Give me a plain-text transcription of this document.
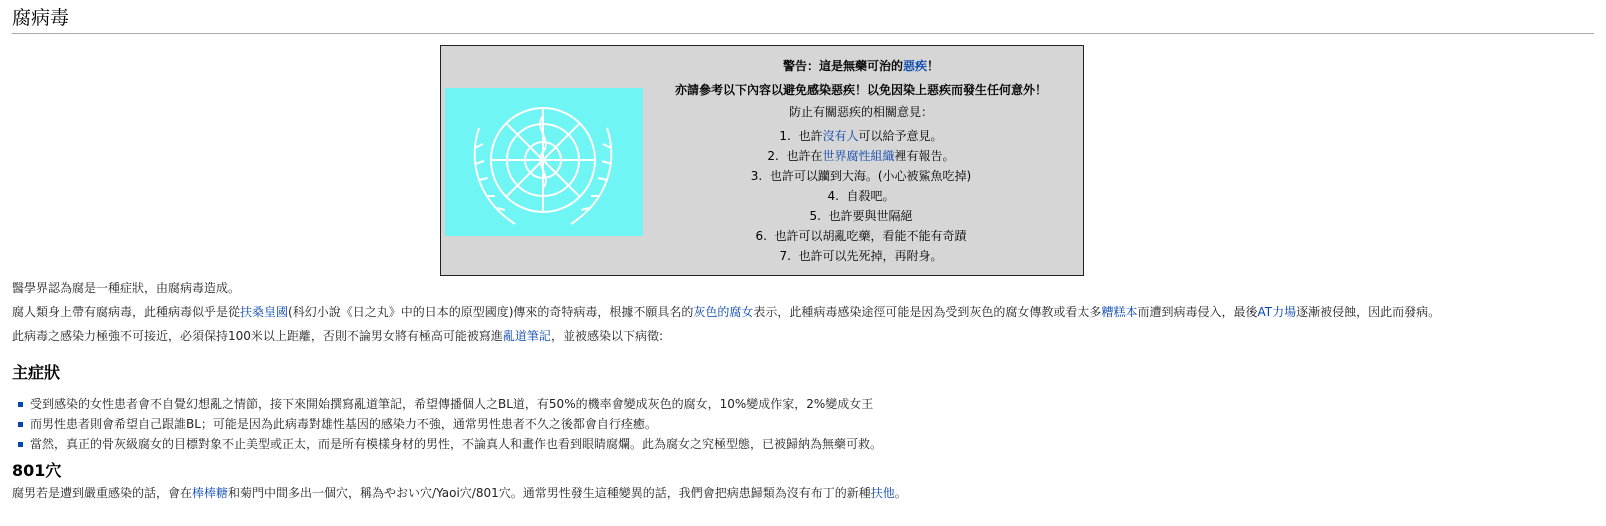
腐病毒

警告：這是無藥可治的惡疾！

亦請參考以下內容以避免感染惡疾！以免因染上惡疾而發生任何意外！

防止有關惡疾的相關意見：

1. 也許沒有人可以給予意見。
2. 也許在世界腐性組織裡有報告。
3. 也許可以躪到大海。(小心被鯊魚吃掉)
4. 自殺吧。
5. 也許要與世隔絕
6. 也許可以胡亂吃藥，看能不能有奇蹟
7. 也許可以先死掉，再附身。

醫學界認為腐是一種症狀，由腐病毒造成。

腐人類身上帶有腐病毒，此種病毒似乎是從扶桑皇國(科幻小說《日之丸》中的日本的原型國度)傳來的奇特病毒，根據不願具名的灰色的腐女表示，此種病毒感染途徑可能是因為受到灰色的腐女傳教或看太多糟糕本而遭到病毒侵入，最後AT力場逐漸被侵蝕，因此而發病。

此病毒之感染力極強不可接近，必須保持100米以上距離，否則不論男女將有極高可能被寫進亂道筆記，並被感染以下病徵:

主症狀
受到感染的女性患者會不自覺幻想亂之情節，接下來開始撰寫亂道筆記，希望傳播個人之BL道，有50%的機率會變成灰色的腐女，10%變成作家，2%變成女王
而男性患者則會希望自己跟誰BL；可能是因為此病毒對雄性基因的感染力不強，通常男性患者不久之後都會自行痊癒。
當然，真正的骨灰級腐女的目標對象不止美型或正太，而是所有模樣身材的男性，不論真人和畫作也看到眼睛腐爛。此為腐女之究極型態，已被歸納為無藥可救。
801穴

腐男若是遭到嚴重感染的話，會在棒棒糖和菊門中間多出一個穴，稱為やおい穴/Yaoi穴/801穴。通常男性發生這種變異的話，我們會把病患歸類為沒有布丁的新種扶他。
